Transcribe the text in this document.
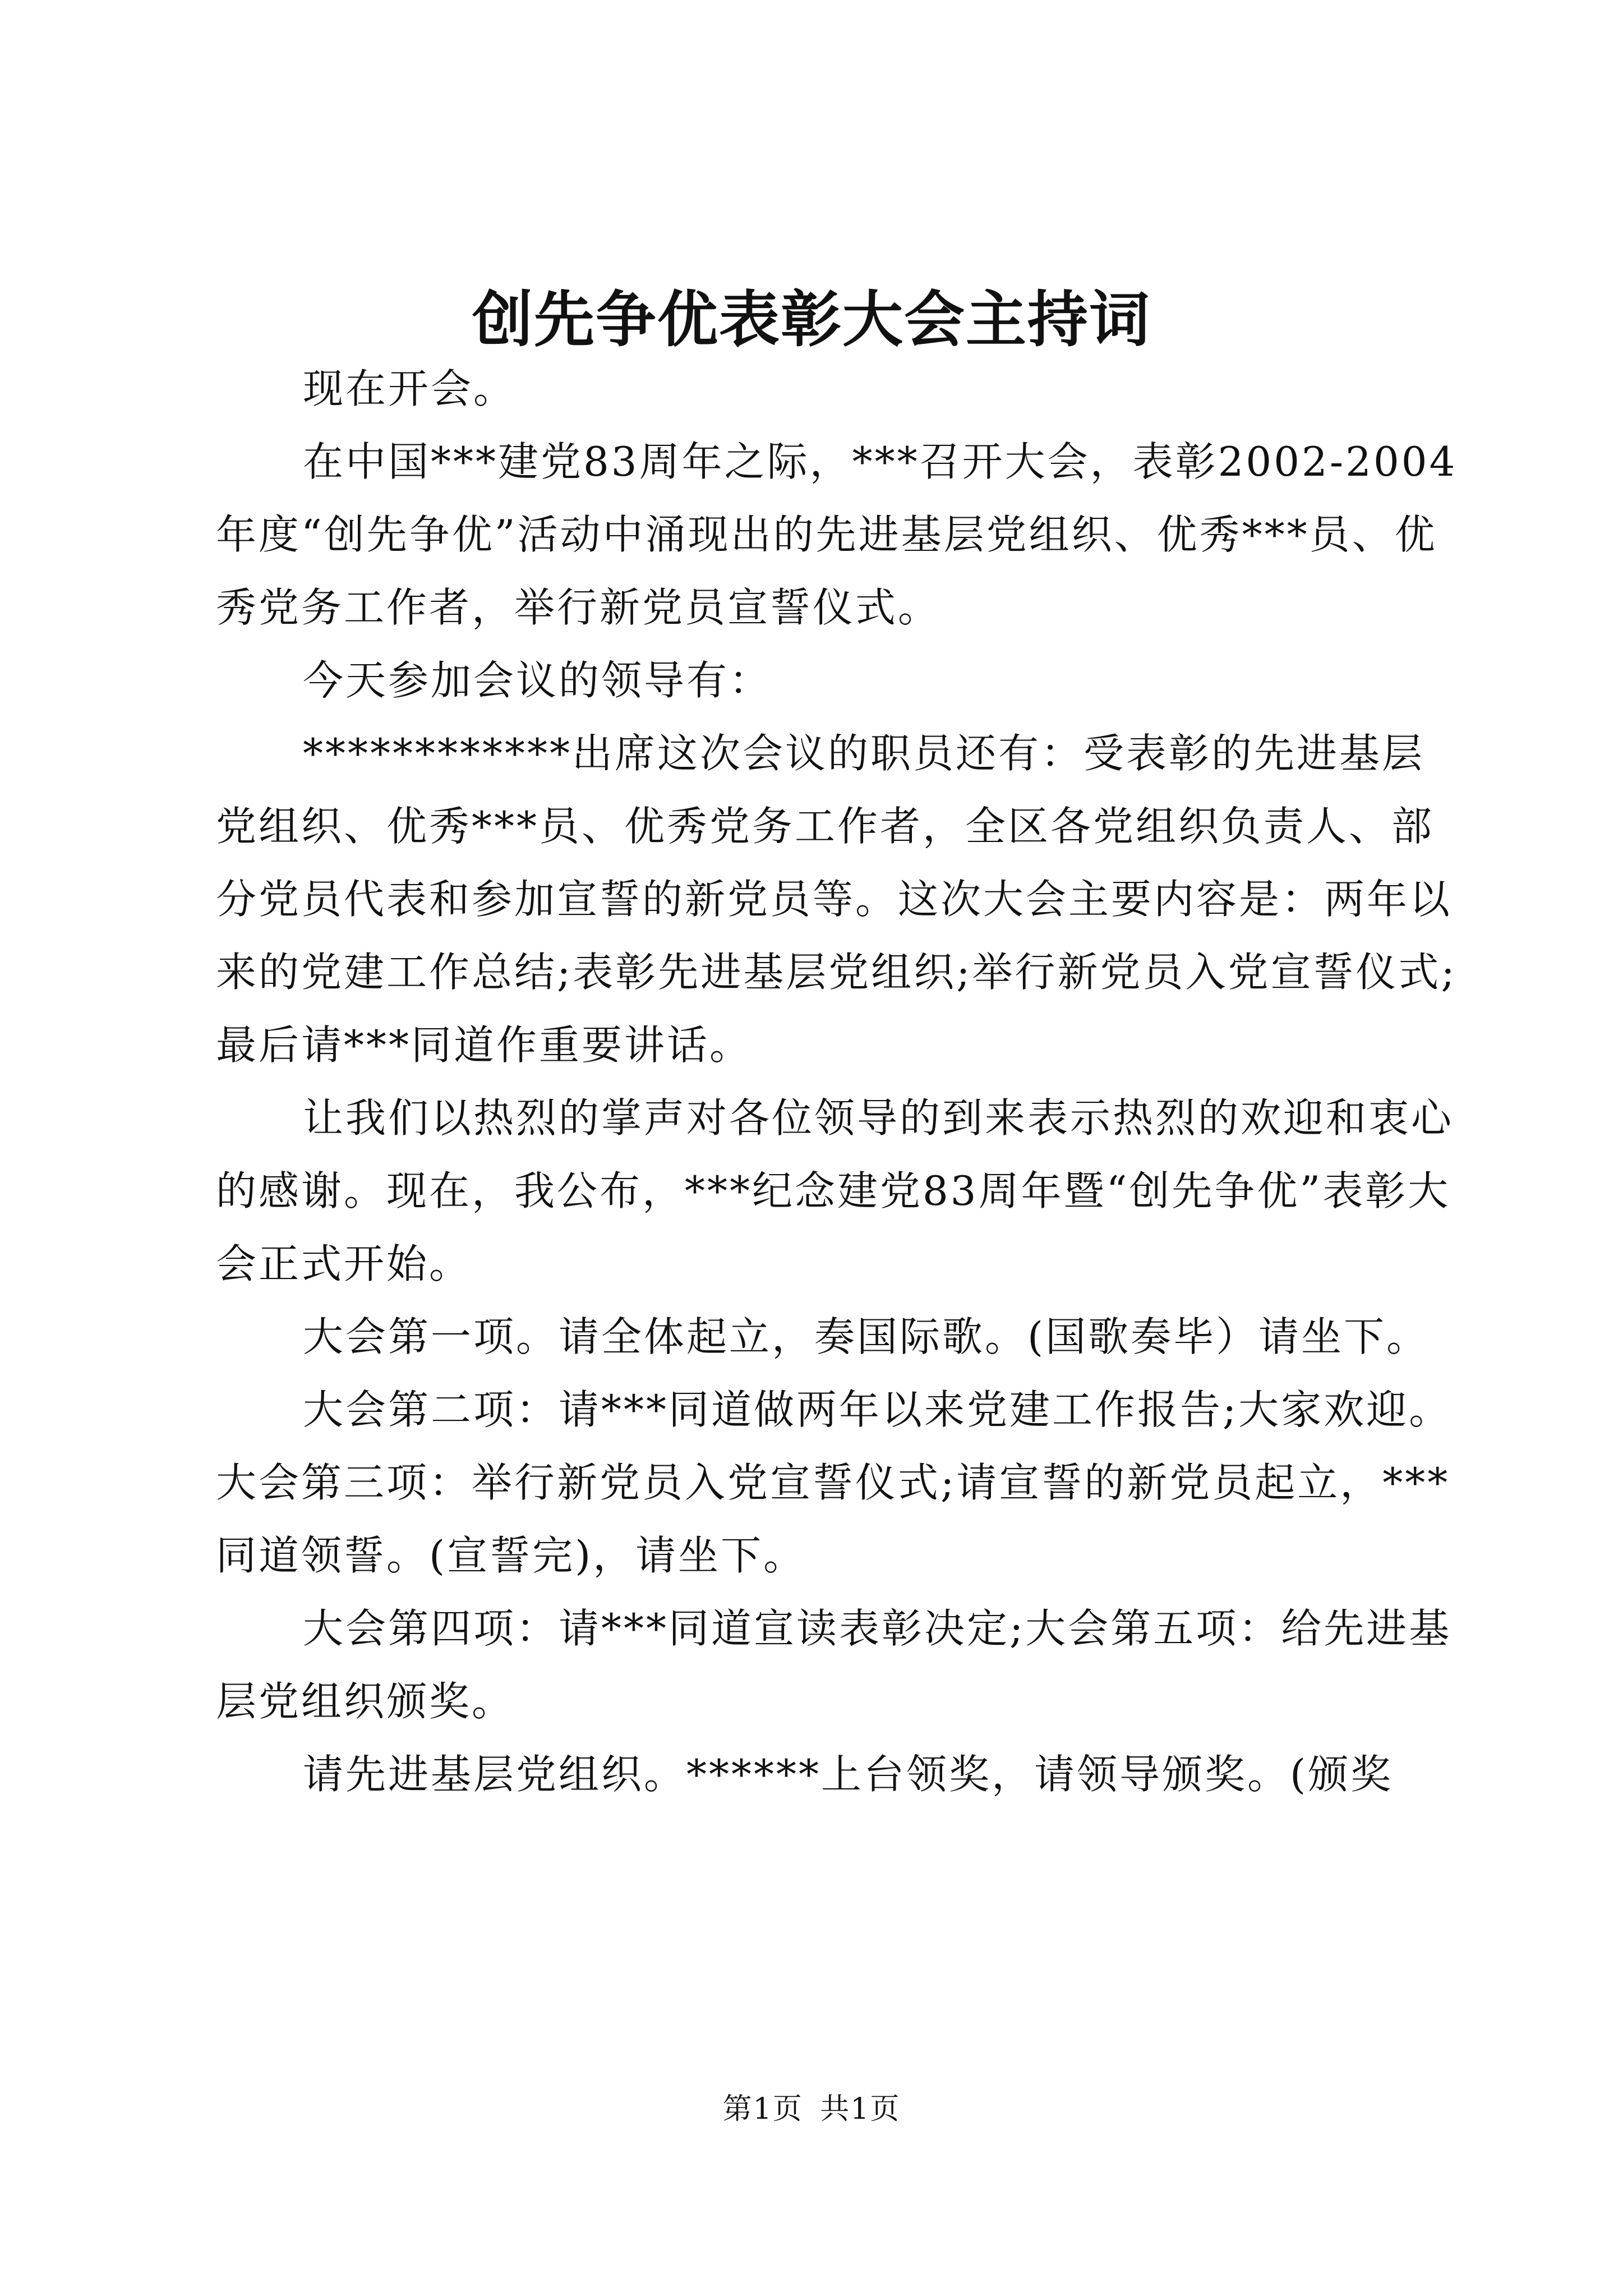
创先争优表彰大会主持词

现在开会。

在中国***建党83周年之际，***召开大会，表彰2002-2004年度“创先争优”活动中涌现出的先进基层党组织、优秀***员、优秀党务工作者，举行新党员宣誓仪式。

今天参加会议的领导有：

************出席这次会议的职员还有：受表彰的先进基层党组织、优秀***员、优秀党务工作者，全区各党组织负责人、部分党员代表和参加宣誓的新党员等。这次大会主要内容是：两年以来的党建工作总结;表彰先进基层党组织;举行新党员入党宣誓仪式;最后请***同道作重要讲话。

让我们以热烈的掌声对各位领导的到来表示热烈的欢迎和衷心的感谢。现在，我公布，***纪念建党83周年暨“创先争优”表彰大会正式开始。

大会第一项。请全体起立，奏国际歌。(国歌奏毕）请坐下。

大会第二项：请***同道做两年以来党建工作报告;大家欢迎。大会第三项：举行新党员入党宣誓仪式;请宣誓的新党员起立，***同道领誓。(宣誓完)，请坐下。

大会第四项：请***同道宣读表彰决定;大会第五项：给先进基层党组织颁奖。

请先进基层党组织。******上台领奖，请领导颁奖。(颁奖

第1页 共1页
